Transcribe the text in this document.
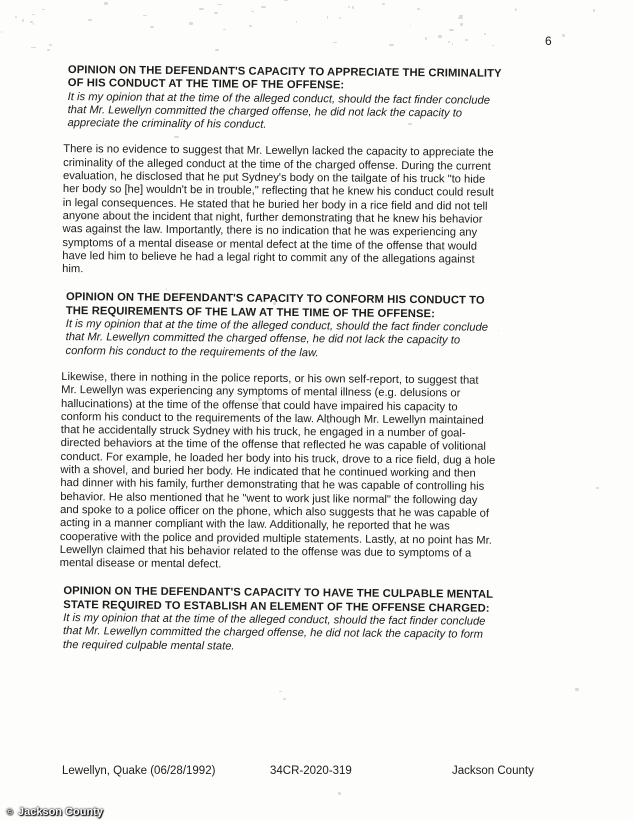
6
OPINION ON THE DEFENDANT'S CAPACITY TO APPRECIATE THE CRIMINALITY
OF HIS CONDUCT AT THE TIME OF THE OFFENSE:
It is my opinion that at the time of the alleged conduct, should the fact finder conclude
that Mr. Lewellyn committed the charged offense, he did not lack the capacity to
appreciate the criminality of his conduct.
There is no evidence to suggest that Mr. Lewellyn lacked the capacity to appreciate the
criminality of the alleged conduct at the time of the charged offense. During the current
evaluation, he disclosed that he put Sydney's body on the tailgate of his truck "to hide
her body so [he] wouldn't be in trouble," reflecting that he knew his conduct could result
in legal consequences. He stated that he buried her body in a rice field and did not tell
anyone about the incident that night, further demonstrating that he knew his behavior
was against the law. Importantly, there is no indication that he was experiencing any
symptoms of a mental disease or mental defect at the time of the offense that would
have led him to believe he had a legal right to commit any of the allegations against
him.
OPINION ON THE DEFENDANT'S CAPACITY TO CONFORM HIS CONDUCT TO
THE REQUIREMENTS OF THE LAW AT THE TIME OF THE OFFENSE:
It is my opinion that at the time of the alleged conduct, should the fact finder conclude
that Mr. Lewellyn committed the charged offense, he did not lack the capacity to
conform his conduct to the requirements of the law.
Likewise, there in nothing in the police reports, or his own self-report, to suggest that
Mr. Lewellyn was experiencing any symptoms of mental illness (e.g. delusions or
hallucinations) at the time of the offense that could have impaired his capacity to
conform his conduct to the requirements of the law. Although Mr. Lewellyn maintained
that he accidentally struck Sydney with his truck, he engaged in a number of goal-
directed behaviors at the time of the offense that reflected he was capable of volitional
conduct. For example, he loaded her body into his truck, drove to a rice field, dug a hole
with a shovel, and buried her body. He indicated that he continued working and then
had dinner with his family, further demonstrating that he was capable of controlling his
behavior. He also mentioned that he "went to work just like normal" the following day
and spoke to a police officer on the phone, which also suggests that he was capable of
acting in a manner compliant with the law. Additionally, he reported that he was
cooperative with the police and provided multiple statements. Lastly, at no point has Mr.
Lewellyn claimed that his behavior related to the offense was due to symptoms of a
mental disease or mental defect.
OPINION ON THE DEFENDANT'S CAPACITY TO HAVE THE CULPABLE MENTAL
STATE REQUIRED TO ESTABLISH AN ELEMENT OF THE OFFENSE CHARGED:
It is my opinion that at the time of the alleged conduct, should the fact finder conclude
that Mr. Lewellyn committed the charged offense, he did not lack the capacity to form
the required culpable mental state.
Lewellyn, Quake (06/28/1992)	34CR-2020-319	Jackson County
© Jackson County
